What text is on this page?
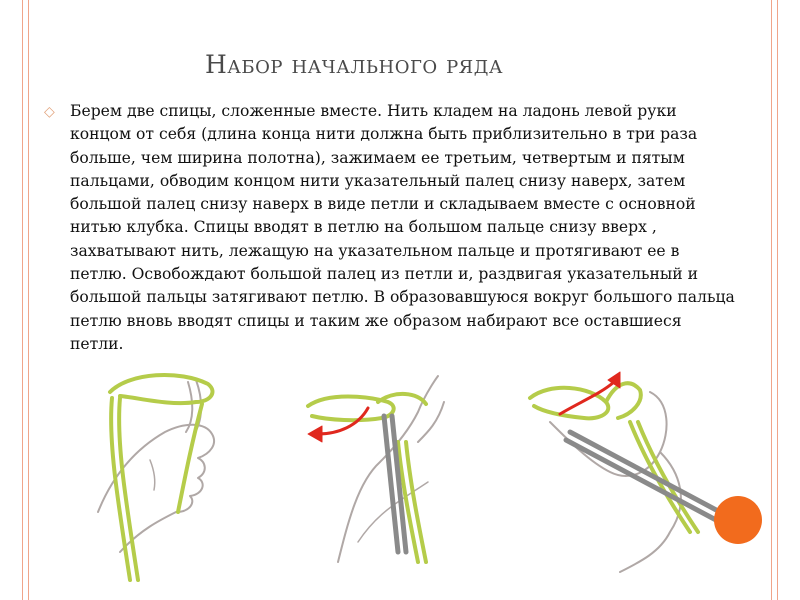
Набор начального ряда
◇ Берем две спицы, сложенные вместе. Нить кладем на ладонь левой руки концом от себя (длина конца нити должна быть приблизительно в три раза больше, чем ширина полотна), зажимаем ее третьим, четвертым и пятым пальцами, обводим концом нити указательный палец снизу наверх, затем большой палец снизу наверх в виде петли и складываем вместе с основной нитью клубка. Спицы вводят в петлю на большом пальце снизу вверх , захватывают нить, лежащую на указательном пальце и протягивают ее в петлю. Освобождают большой палец из петли и, раздвигая указательный и большой пальцы затягивают петлю. В образовавшуюся вокруг большого пальца петлю вновь вводят спицы и таким же образом набирают все оставшиеся петли.
